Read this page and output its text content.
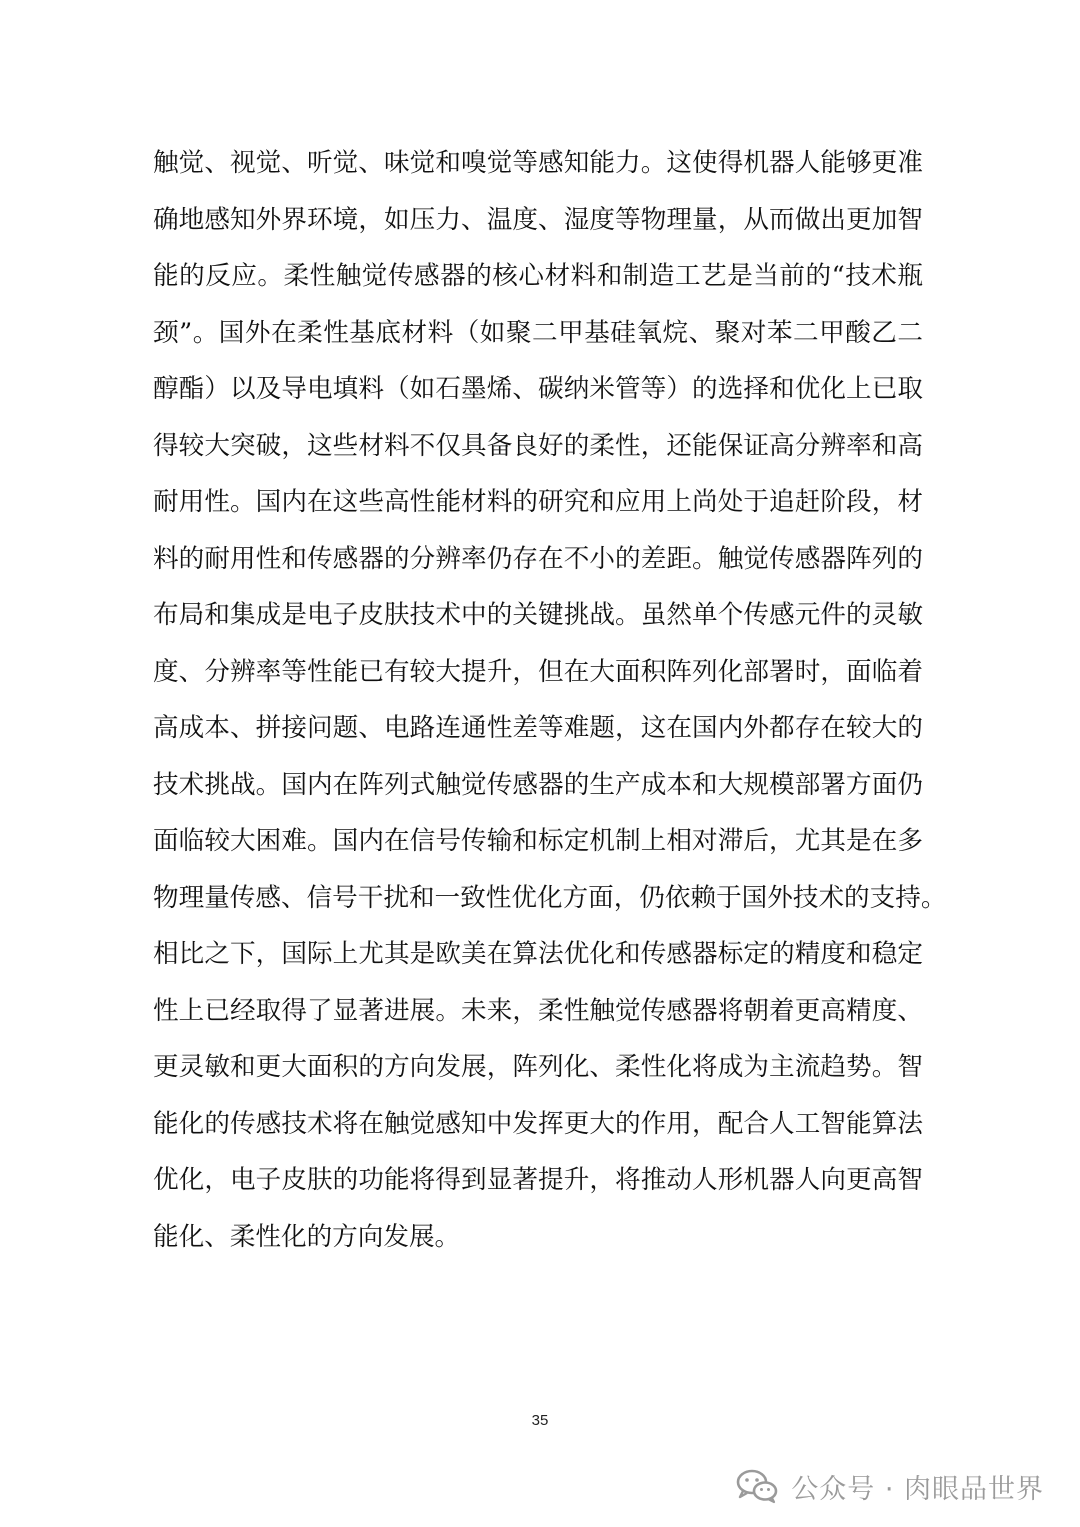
触觉、视觉、听觉、味觉和嗅觉等感知能力。这使得机器人能够更准
确地感知外界环境，如压力、温度、湿度等物理量，从而做出更加智
能的反应。柔性触觉传感器的核心材料和制造工艺是当前的“技术瓶
颈”。国外在柔性基底材料（如聚二甲基硅氧烷、聚对苯二甲酸乙二
醇酯）以及导电填料（如石墨烯、碳纳米管等）的选择和优化上已取
得较大突破，这些材料不仅具备良好的柔性，还能保证高分辨率和高
耐用性。国内在这些高性能材料的研究和应用上尚处于追赶阶段，材
料的耐用性和传感器的分辨率仍存在不小的差距。触觉传感器阵列的
布局和集成是电子皮肤技术中的关键挑战。虽然单个传感元件的灵敏
度、分辨率等性能已有较大提升，但在大面积阵列化部署时，面临着
高成本、拼接问题、电路连通性差等难题，这在国内外都存在较大的
技术挑战。国内在阵列式触觉传感器的生产成本和大规模部署方面仍
面临较大困难。国内在信号传输和标定机制上相对滞后，尤其是在多
物理量传感、信号干扰和一致性优化方面，仍依赖于国外技术的支持。
相比之下，国际上尤其是欧美在算法优化和传感器标定的精度和稳定
性上已经取得了显著进展。未来，柔性触觉传感器将朝着更高精度、
更灵敏和更大面积的方向发展，阵列化、柔性化将成为主流趋势。智
能化的传感技术将在触觉感知中发挥更大的作用，配合人工智能算法
优化，电子皮肤的功能将得到显著提升，将推动人形机器人向更高智
能化、柔性化的方向发展。
35
公众号 · 肉眼品世界
